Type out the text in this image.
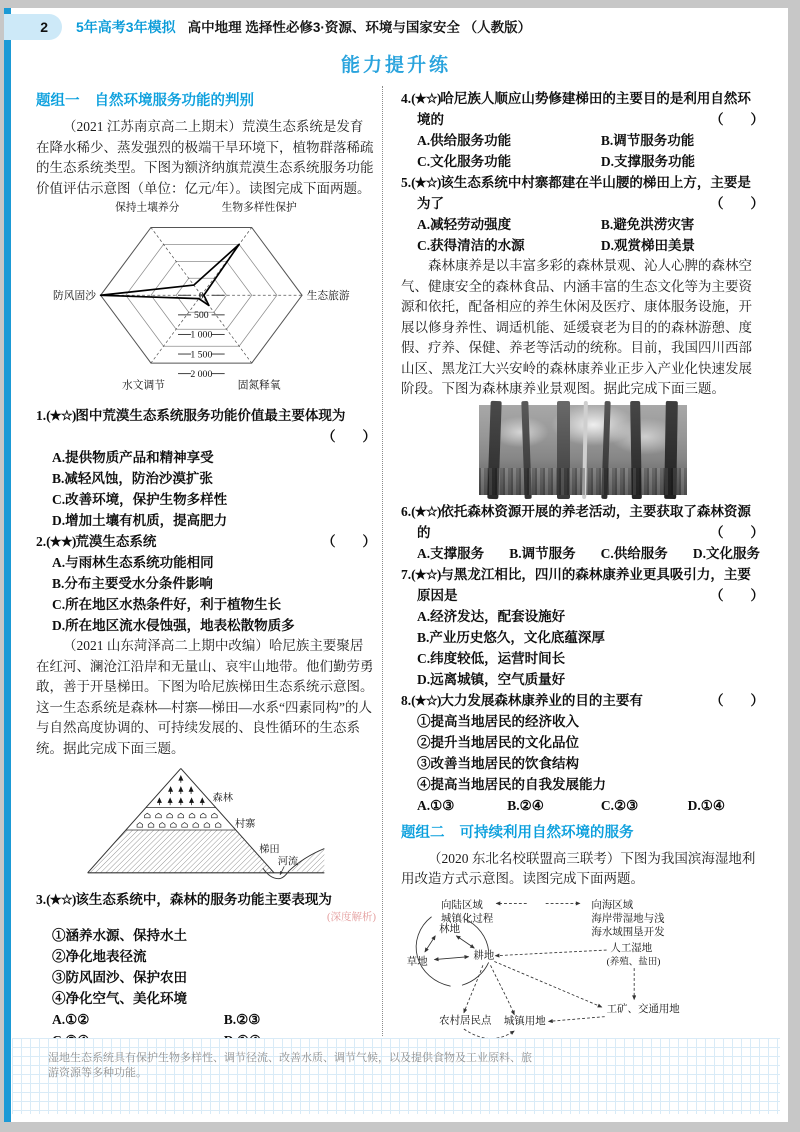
2	5年高考3年模拟 高中地理 选择性必修3·资源、环境与国家安全 （人教版）
能力提升练
题组一 自然环境服务功能的判别

（2021 江苏南京高二上期末）荒漠生态系统是发育在降水稀少、蒸发强烈的极端干旱环境下，植物群落稀疏的生态系统类型。下图为额济纳旗荒漠生态系统服务功能价值评估示意图（单位：亿元/年）。读图完成下面两题。

0
500
1 000
1 500
2 000
保持土壤养分	生物多样性保护
生态旅游
固氮释氧
水文调节
防风固沙
1.(★☆)图中荒漠生态系统服务功能价值最主要体现为
（　　）
A.提供物质产品和精神享受
B.减轻风蚀，防治沙漠扩张
C.改善环境，保护生物多样性
D.增加土壤有机质，提高肥力
2.(★★)荒漠生态系统	（　　）
A.与雨林生态系统功能相同
B.分布主要受水分条件影响
C.所在地区水热条件好，利于植物生长
D.所在地区流水侵蚀强，地表松散物质多

（2021 山东菏泽高二上期中改编）哈尼族主要聚居在红河、澜沧江沿岸和无量山、哀牢山地带。他们勤劳勇敢，善于开垦梯田。下图为哈尼族梯田生态系统示意图。这一生态系统是森林—村寨—梯田—水系“四素同构”的人与自然高度协调的、可持续发展的、良性循环的生态系统。据此完成下面三题。

森林
村寨
梯田
河流
3.(★☆)该生态系统中，森林的服务功能主要表现为
(深度解析)
①涵养水源、保持水土
②净化地表径流
③防风固沙、保护农田
④净化空气、美化环境
A.①②	B.②③
4.(★☆)哈尼族人顺应山势修建梯田的主要目的是利用自然环境的	（　　）
A.供给服务功能	B.调节服务功能
C.文化服务功能	D.支撑服务功能
5.(★☆)该生态系统中村寨都建在半山腰的梯田上方，主要是为了	（　　）
A.减轻劳动强度	B.避免洪涝灾害
C.获得清洁的水源	D.观赏梯田美景

森林康养是以丰富多彩的森林景观、沁人心脾的森林空气、健康安全的森林食品、内涵丰富的生态文化等为主要资源和依托，配备相应的养生休闲及医疗、康体服务设施，开展以修身养性、调适机能、延缓衰老为目的的森林游憩、度假、疗养、保健、养老等活动的统称。目前，我国四川西部山区、黑龙江大兴安岭的森林康养业正步入产业化快速发展阶段。下图为森林康养业景观图。据此完成下面三题。

6.(★☆)依托森林资源开展的养老活动，主要获取了森林资源的	（　　）
A.支撑服务 B.调节服务 C.供给服务 D.文化服务
7.(★☆)与黑龙江相比，四川的森林康养业更具吸引力，主要原因是	（　　）
A.经济发达，配套设施好
B.产业历史悠久，文化底蕴深厚
C.纬度较低，运营时间长
D.远离城镇，空气质量好
8.(★☆)大力发展森林康养业的目的主要有	（　　）
①提高当地居民的经济收入
②提升当地居民的文化品位
③改善当地居民的饮食结构
④提高当地居民的自我发展能力
A.①③	B.②④	C.②③	D.①④
题组二 可持续利用自然环境的服务

（2020 东北名校联盟高三联考）下图为我国滨海湿地利用改造方式示意图。读图完成下面两题。

向陆区域
城镇化过程
向海区域
海岸带湿地与浅
海水域围垦开发
林地
草地
耕地
人工湿地
(养殖、盐田)
工矿、交通用地
农村居民点 城镇用地

湿地生态系统具有保护生物多样性、调节径流、改善水质、调节气候，以及提供食物及工业原料、旅游资源等多种功能。
